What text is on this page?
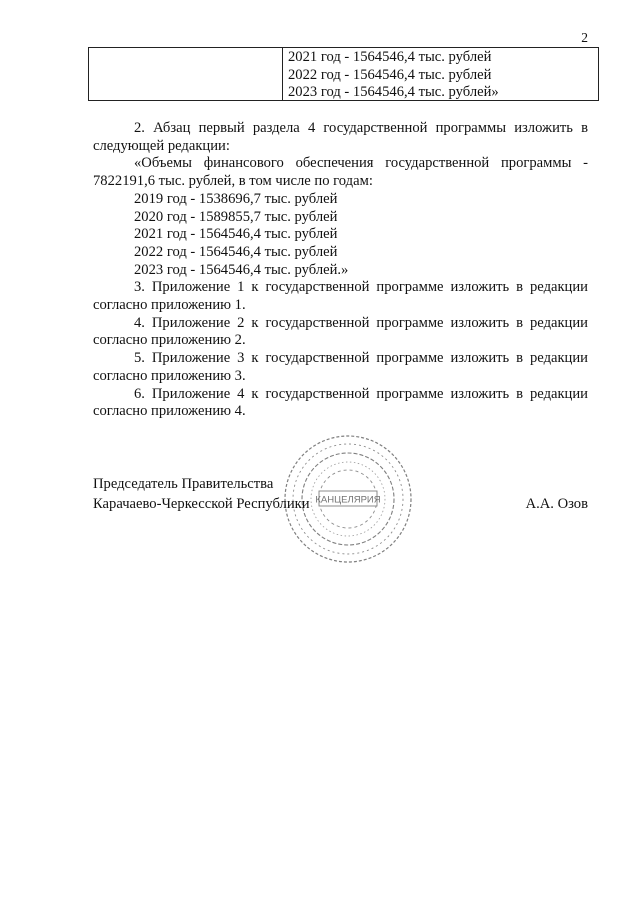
2
2021 год - 1564546,4 тыс. рублей
2022 год - 1564546,4 тыс. рублей
2023 год - 1564546,4 тыс. рублей»
2. Абзац первый раздела 4 государственной программы изложить в
следующей редакции:
«Объемы финансового обеспечения государственной программы -
7822191,6 тыс. рублей, в том числе по годам:
2019 год - 1538696,7 тыс. рублей
2020 год - 1589855,7 тыс. рублей
2021 год - 1564546,4 тыс. рублей
2022 год - 1564546,4 тыс. рублей
2023 год - 1564546,4 тыс. рублей.»

3. Приложение 1 к государственной программе изложить в редакции согласно приложению 1.

4. Приложение 2 к государственной программе изложить в редакции согласно приложению 2.

5. Приложение 3 к государственной программе изложить в редакции согласно приложению 3.

6. Приложение 4 к государственной программе изложить в редакции согласно приложению 4.

КАНЦЕЛЯРИЯ
Председатель Правительства
Карачаево-Черкесской Республики	А.А. Озов
